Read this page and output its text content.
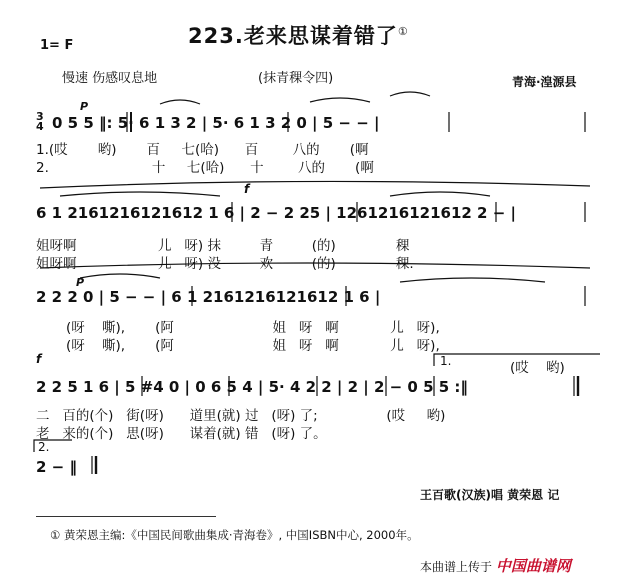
223.老来思谋着错了①
1= F
慢速 伤感叹息地	(抹青稞令四)	青海·湟源县
3
4
P
0 5 5 ‖: 5· 6 1 3 2 | 5· 6 1 3 2 0 | 5 − − |
1.(哎 哟) 百 七(哈) 百	八的 (啊
2.	十 七(哈) 十	八的 (啊
f
6 1 2161216121612 1 6 | 2 − 2 25 | 1261216121612 2 − |
姐呀啊	儿 呀) 抹	青	(的)	稞
姐呀啊	儿 呀) 没	欢	(的)	稞.
P
2 2 2 0 | 5 − − | 6 1 2161216121612 1 6 |
(呀 嘶), (阿	姐 呀 啊	儿 呀),
(呀 嘶), (阿	姐 呀 啊	儿 呀),
f	1.	(哎 哟)
2 2 5 1 6 | 5 #4 0 | 0 6 5 4 | 5· 4 2 2 | 2 | 2 − 0 5 5 :‖
二 百的(个) 街(呀) 道里(就) 过 (呀) 了;	(哎 哟)
老 来的(个) 思(呀) 谋着(就) 错 (呀) 了。
2.
2 − ‖
王百歌(汉族)唱 黄荣恩 记
① 黄荣恩主编:《中国民间歌曲集成·青海卷》, 中国ISBN中心, 2000年。
本曲谱上传于 中国曲谱网
